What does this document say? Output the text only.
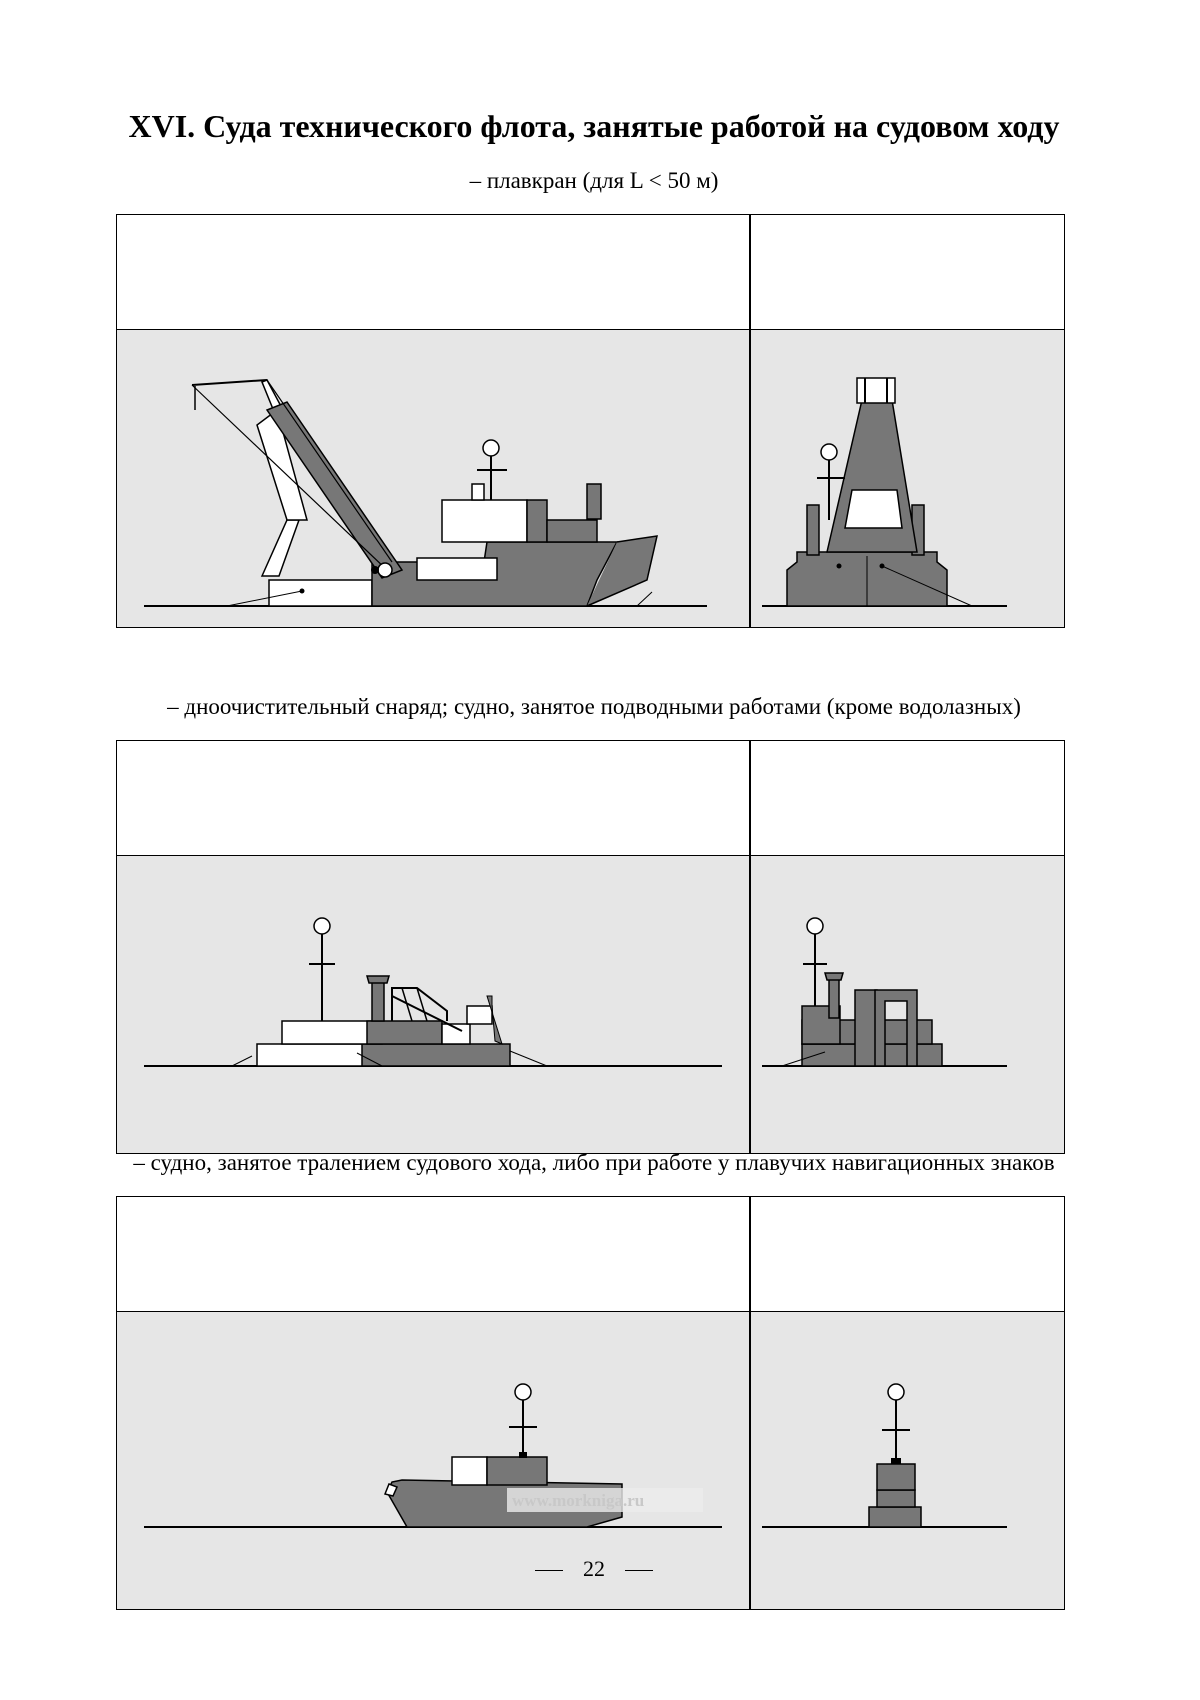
XVI. Суда технического флота, занятые работой на судовом ходу
– плавкран (для L < 50 м)
– дноочистительный снаряд; судно, занятое подводными работами (кроме водолазных)
– судно, занятое тралением судового хода, либо при работе у плавучих навигационных знаков
www.morkniga.ru
22
